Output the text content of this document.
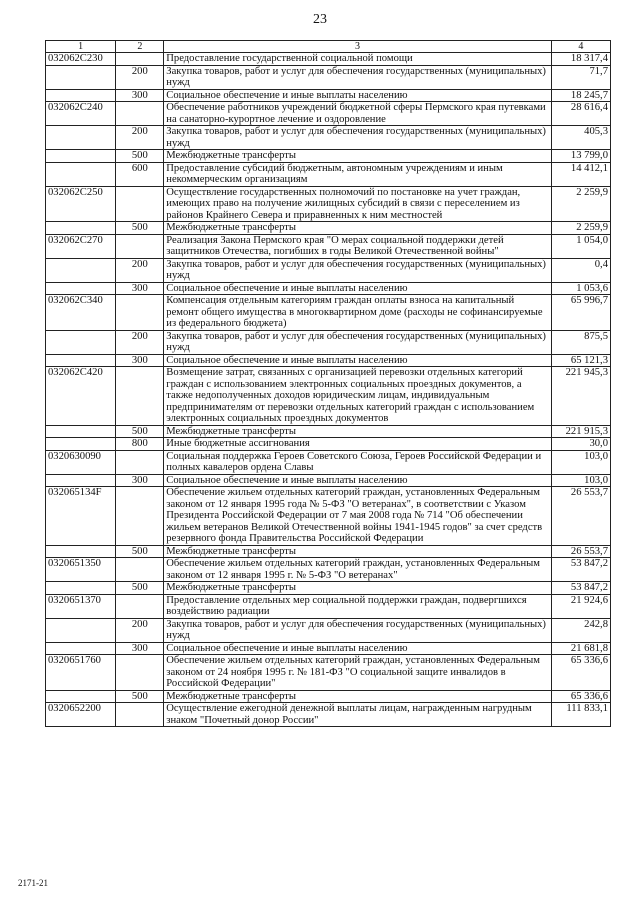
23
1	2	3	4
032062С230		Предоставление государственной социальной помощи	18 317,4
	200	Закупка товаров, работ и услуг для обеспечения государственных (муниципальных) нужд	71,7
	300	Социальное обеспечение и иные выплаты населению	18 245,7
032062С240		Обеспечение работников учреждений бюджетной сферы Пермского края путевками на санаторно-курортное лечение и оздоровление	28 616,4
	200	Закупка товаров, работ и услуг для обеспечения государственных (муниципальных) нужд	405,3
	500	Межбюджетные трансферты	13 799,0
	600	Предоставление субсидий бюджетным, автономным учреждениям и иным некоммерческим организациям	14 412,1
032062С250		Осуществление государственных полномочий по постановке на учет граждан, имеющих право на получение жилищных субсидий в связи с переселением из районов Крайнего Севера и приравненных к ним местностей	2 259,9
	500	Межбюджетные трансферты	2 259,9
032062С270		Реализация Закона Пермского края "О мерах социальной поддержки детей защитников Отечества, погибших в годы Великой Отечественной войны"	1 054,0
	200	Закупка товаров, работ и услуг для обеспечения государственных (муниципальных) нужд	0,4
	300	Социальное обеспечение и иные выплаты населению	1 053,6
032062С340		Компенсация отдельным категориям граждан оплаты взноса на капитальный ремонт общего имущества в многоквартирном доме (расходы не софинансируемые из федерального бюджета)	65 996,7
	200	Закупка товаров, работ и услуг для обеспечения государственных (муниципальных) нужд	875,5
	300	Социальное обеспечение и иные выплаты населению	65 121,3
032062С420		Возмещение затрат, связанных с организацией перевозки отдельных категорий граждан с использованием электронных социальных проездных документов, а также недополученных доходов юридическим лицам, индивидуальным предпринимателям от перевозки отдельных категорий граждан с использованием электронных социальных проездных документов	221 945,3
	500	Межбюджетные трансферты	221 915,3
	800	Иные бюджетные ассигнования	30,0
0320630090		Социальная поддержка Героев Советского Союза, Героев Российской Федерации и полных кавалеров ордена Славы	103,0
	300	Социальное обеспечение и иные выплаты населению	103,0
032065134F		Обеспечение жильем отдельных категорий граждан, установленных Федеральным законом от 12 января 1995 года № 5-ФЗ "О ветеранах", в соответствии с Указом Президента Российской Федерации от 7 мая 2008 года № 714 "Об обеспечении жильем ветеранов Великой Отечественной войны 1941-1945 годов" за счет средств резервного фонда Правительства Российской Федерации	26 553,7
	500	Межбюджетные трансферты	26 553,7
0320651350		Обеспечение жильем отдельных категорий граждан, установленных Федеральным законом от 12 января 1995 г. № 5-ФЗ "О ветеранах"	53 847,2
	500	Межбюджетные трансферты	53 847,2
0320651370		Предоставление отдельных мер социальной поддержки граждан, подвергшихся воздействию радиации	21 924,6
	200	Закупка товаров, работ и услуг для обеспечения государственных (муниципальных) нужд	242,8
	300	Социальное обеспечение и иные выплаты населению	21 681,8
0320651760		Обеспечение жильем отдельных категорий граждан, установленных Федеральным законом от 24 ноября 1995 г. № 181-ФЗ "О социальной защите инвалидов в Российской Федерации"	65 336,6
	500	Межбюджетные трансферты	65 336,6
0320652200		Осуществление ежегодной денежной выплаты лицам, награжденным нагрудным знаком "Почетный донор России"	111 833,1
2171-21
